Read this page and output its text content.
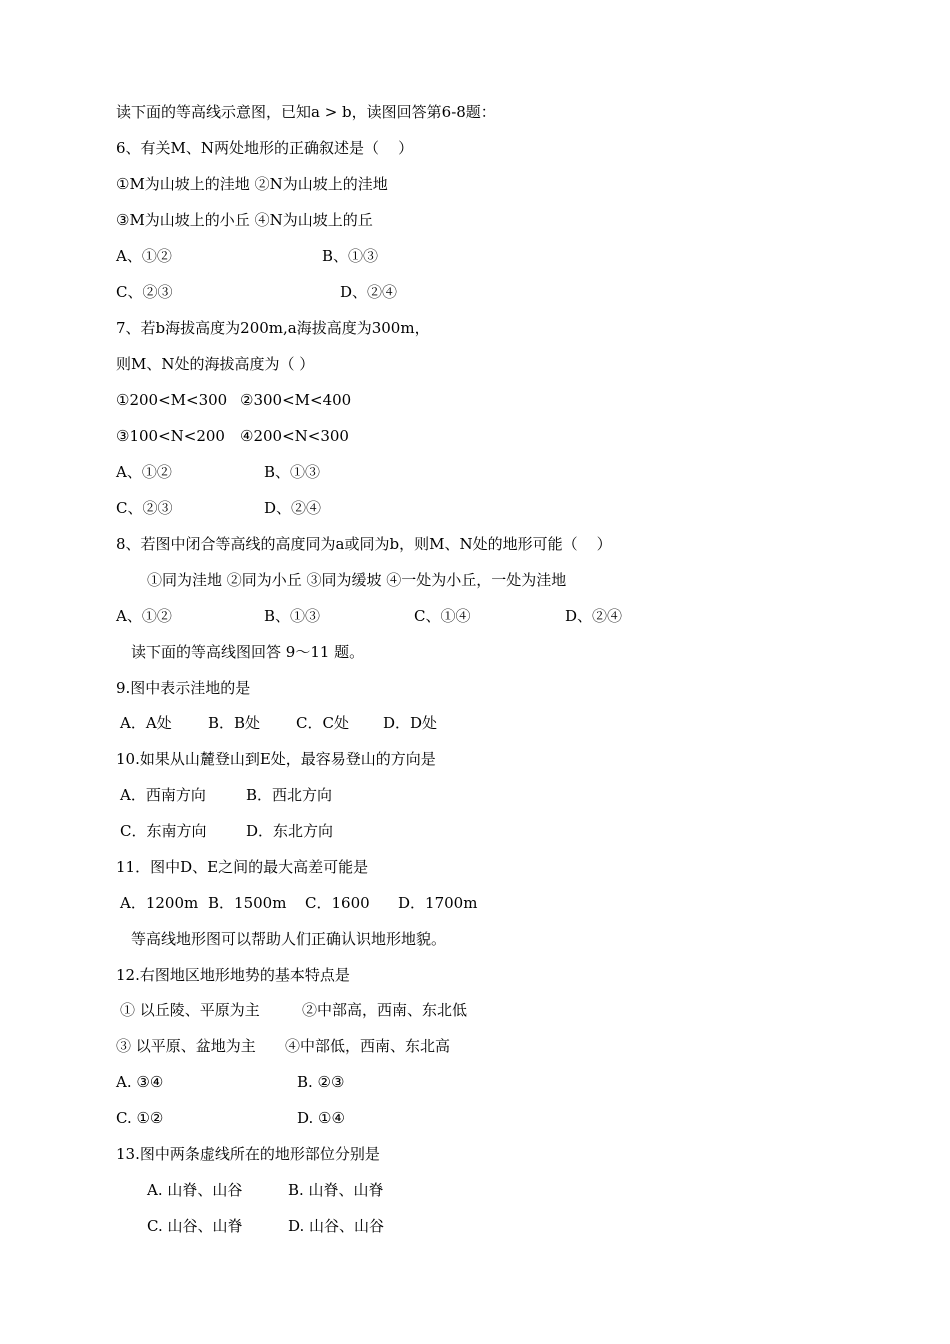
读下面的等高线示意图，已知a > b，读图回答第6-8题：
6、有关M、N两处地形的正确叙述是（    ）
①M为山坡上的洼地 ②N为山坡上的洼地
③M为山坡上的小丘 ④N为山坡上的丘
A、①②	B、①③
C、②③	D、②④
7、若b海拔高度为200m,a海拔高度为300m，
则M、N处的海拔高度为（ ）
①200<M<300 ②300<M<400
③100<N<200 ④200<N<300
A、①②	B、①③
C、②③	D、②④
8、若图中闭合等高线的高度同为a或同为b，则M、N处的地形可能（    ）
①同为洼地 ②同为小丘 ③同为缓坡 ④一处为小丘，一处为洼地
A、①②	B、①③	C、①④	D、②④
读下面的等高线图回答 9～11 题。
9.图中表示洼地的是
A．A处 B．B处 C．C处 D．D处
10.如果从山麓登山到E处，最容易登山的方向是
A．西南方向	B．西北方向
C．东南方向	D．东北方向
11．图中D、E之间的最大高差可能是
A．1200m B．1500m C．1600 D．1700m
等高线地形图可以帮助人们正确认识地形地貌。
12.右图地区地形地势的基本特点是
① 以丘陵、平原为主	②中部高，西南、东北低
③ 以平原、盆地为主 ④中部低，西南、东北高
A. ③④	B. ②③
C. ①②	D. ①④
13.图中两条虚线所在的地形部位分别是
A. 山脊、山谷	B. 山脊、山脊
C. 山谷、山脊	D. 山谷、山谷
